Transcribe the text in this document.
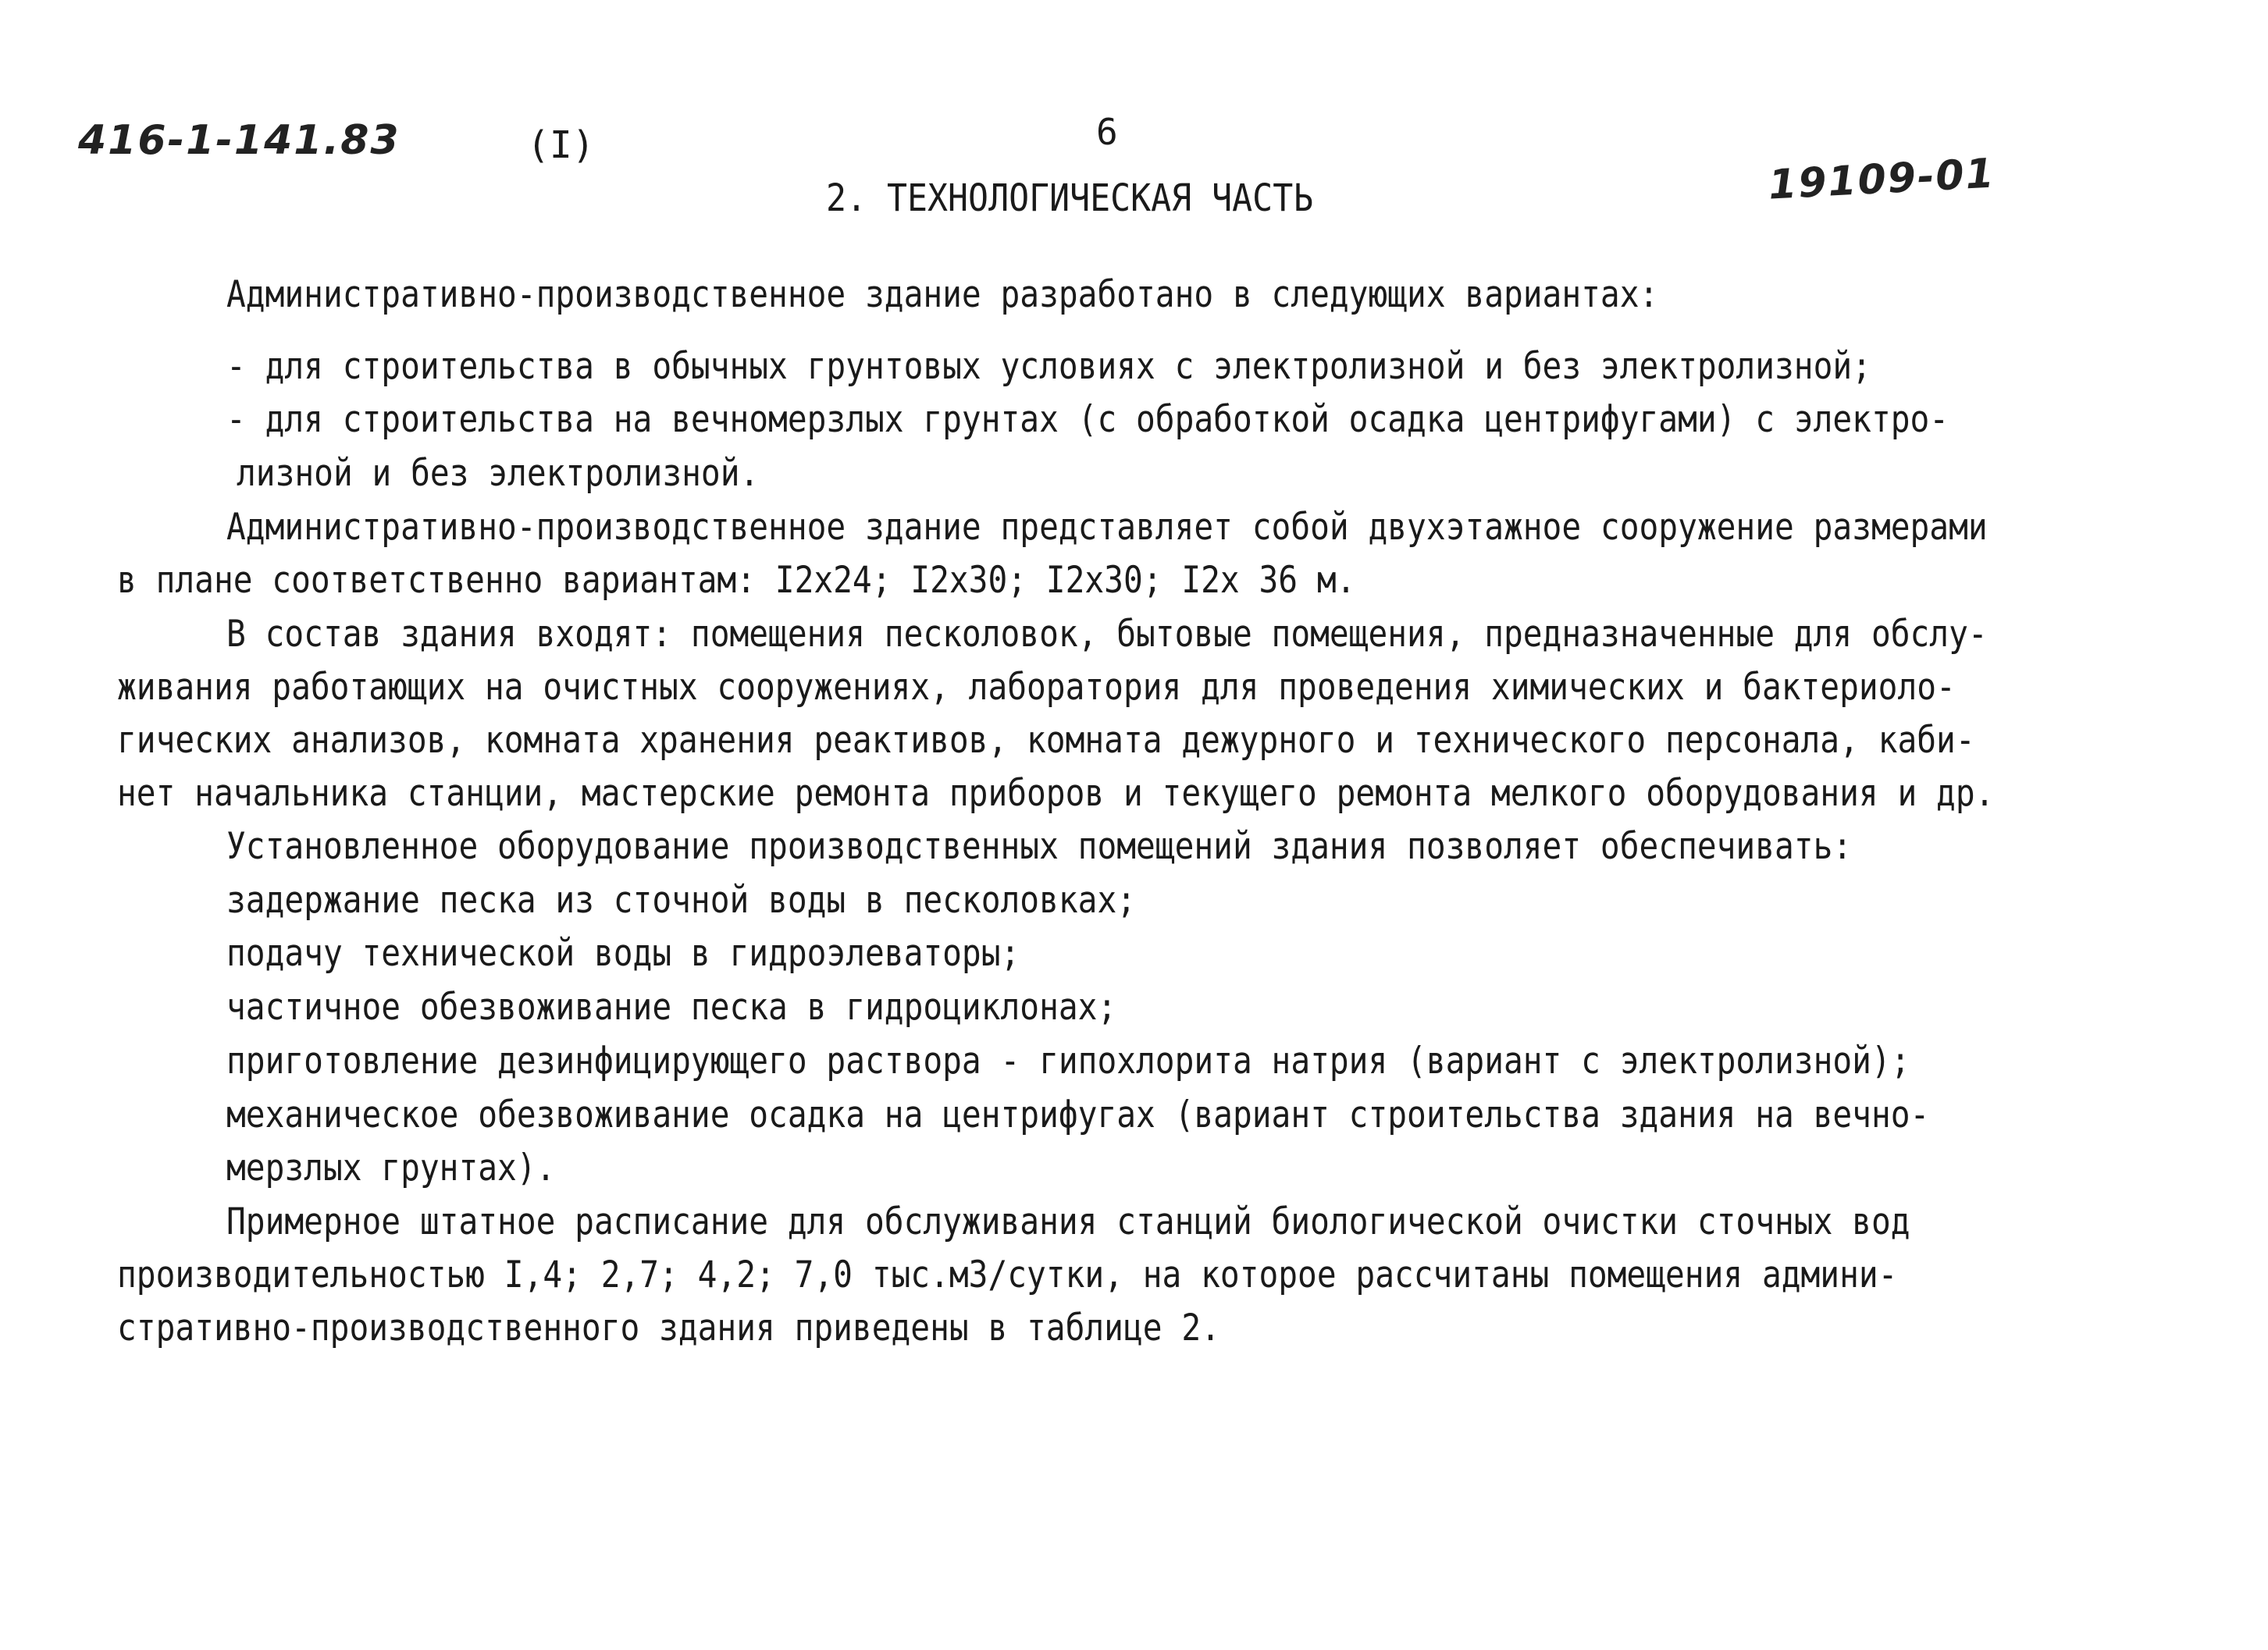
416-1-141.83	(I)	6
19109-01
2. ТЕХНОЛОГИЧЕСКАЯ ЧАСТЬ
Административно-производственное здание разработано в следующих вариантах:
- для строительства в обычных грунтовых условиях с электролизной и без электролизной;
- для строительства на вечномерзлых грунтах (с обработкой осадка центрифугами) с электро-
лизной и без электролизной.
Административно-производственное здание представляет собой двухэтажное сооружение размерами
в плане соответственно вариантам: I2x24; I2x30; I2x30; I2x 36 м.
В состав здания входят: помещения песколовок, бытовые помещения, предназначенные для обслу-
живания работающих на очистных сооружениях, лаборатория для проведения химических и бактериоло-
гических анализов, комната хранения реактивов, комната дежурного и технического персонала, каби-
нет начальника станции, мастерские ремонта приборов и текущего ремонта мелкого оборудования и др.
Установленное оборудование производственных помещений здания позволяет обеспечивать:
задержание песка из сточной воды в песколовках;
подачу технической воды в гидроэлеваторы;
частичное обезвоживание песка в гидроциклонах;
приготовление дезинфицирующего раствора - гипохлорита натрия (вариант с электролизной);
механическое обезвоживание осадка на центрифугах (вариант строительства здания на вечно-
мерзлых грунтах).
Примерное штатное расписание для обслуживания станций биологической очистки сточных вод
производительностью I,4; 2,7; 4,2; 7,0 тыс.м3/сутки, на которое рассчитаны помещения админи-
стративно-производственного здания приведены в таблице 2.
